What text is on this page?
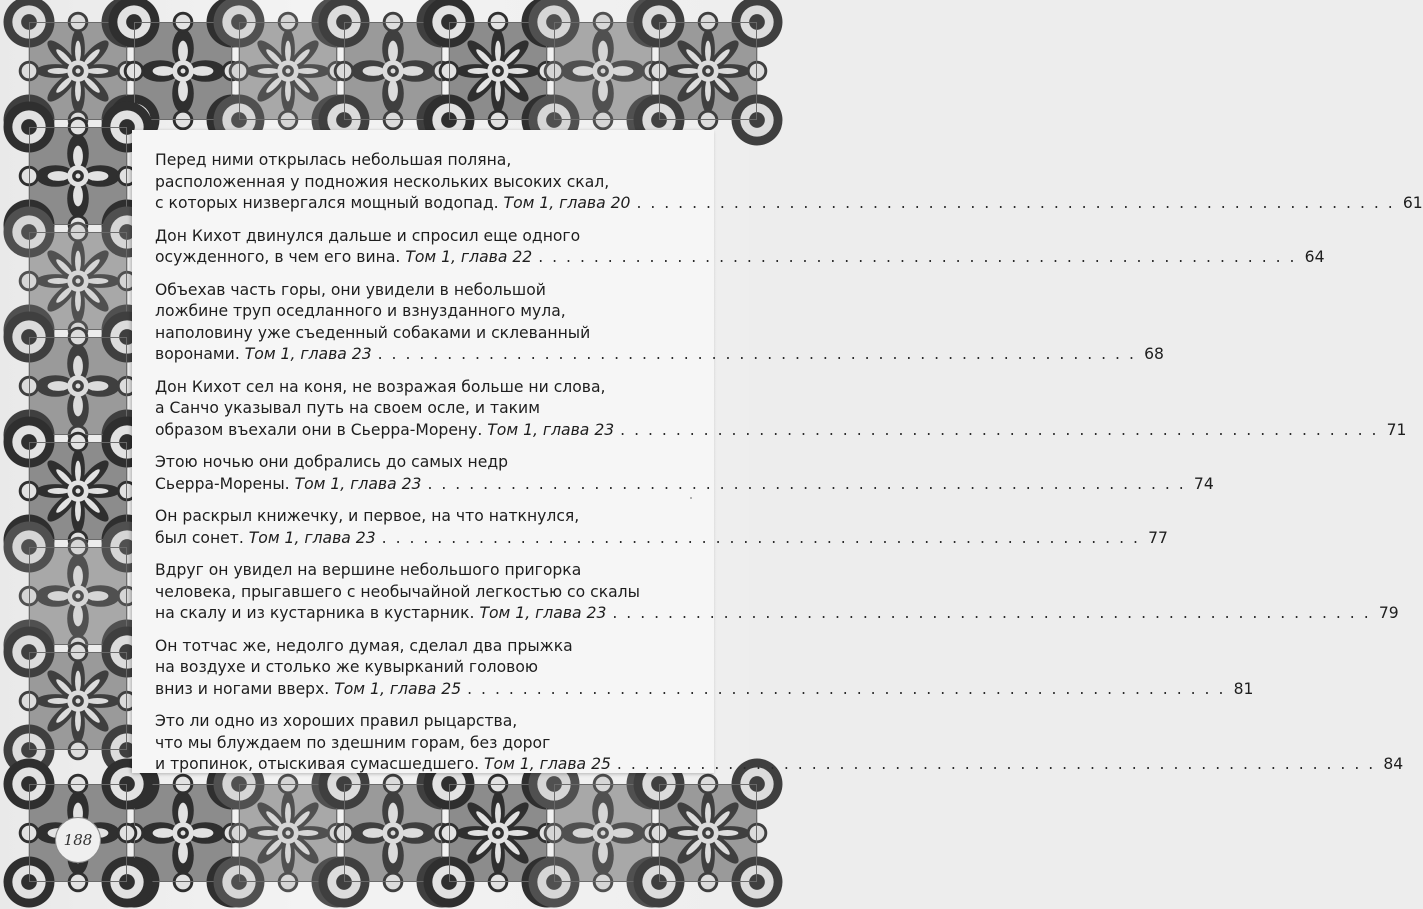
Перед ними открылась небольшая поляна,
расположенная у подножия нескольких высоких скал,
с которых низвергался мощный водопад.
Том 1, глава 20 . . . . . . . . . . . . . . . . . . . . . . . . . . . . . . . . . . . . . . . . . . . . . . . . . . . . . . . 61
Дон Кихот двинулся дальше и спросил еще одного
осужденного, в чем его вина.
Том 1, глава 22 . . . . . . . . . . . . . . . . . . . . . . . . . . . . . . . . . . . . . . . . . . . . . . . . . . . . . . . 64
Объехав часть горы, они увидели в небольшой
ложбине труп оседланного и взнузданного мула,
наполовину уже съеденный собаками и склеванный
воронами.
Том 1, глава 23 . . . . . . . . . . . . . . . . . . . . . . . . . . . . . . . . . . . . . . . . . . . . . . . . . . . . . . . 68
Дон Кихот сел на коня, не возражая больше ни слова,
а Санчо указывал путь на своем осле, и таким
образом въехали они в Сьерра-Морену.
Том 1, глава 23 . . . . . . . . . . . . . . . . . . . . . . . . . . . . . . . . . . . . . . . . . . . . . . . . . . . . . . . 71
Этою ночью они добрались до самых недр
Сьерра-Морены.
Том 1, глава 23 . . . . . . . . . . . . . . . . . . . . . . . . . . . . . . . . . . . . . . . . . . . . . . . . . . . . . . . 74
Он раскрыл книжечку, и первое, на что наткнулся,
был сонет.
Том 1, глава 23 . . . . . . . . . . . . . . . . . . . . . . . . . . . . . . . . . . . . . . . . . . . . . . . . . . . . . . . 77
Вдруг он увидел на вершине небольшого пригорка
человека, прыгавшего с необычайной легкостью со скалы
на скалу и из кустарника в кустарник.
Том 1, глава 23 . . . . . . . . . . . . . . . . . . . . . . . . . . . . . . . . . . . . . . . . . . . . . . . . . . . . . . . 79
Он тотчас же, недолго думая, сделал два прыжка
на воздухе и столько же кувырканий головою
вниз и ногами вверх.
Том 1, глава 25 . . . . . . . . . . . . . . . . . . . . . . . . . . . . . . . . . . . . . . . . . . . . . . . . . . . . . . . 81
Это ли одно из хороших правил рыцарства,
что мы блуждаем по здешним горам, без дорог
и тропинок, отыскивая сумасшедшего.
Том 1, глава 25 . . . . . . . . . . . . . . . . . . . . . . . . . . . . . . . . . . . . . . . . . . . . . . . . . . . . . . . 84
188
